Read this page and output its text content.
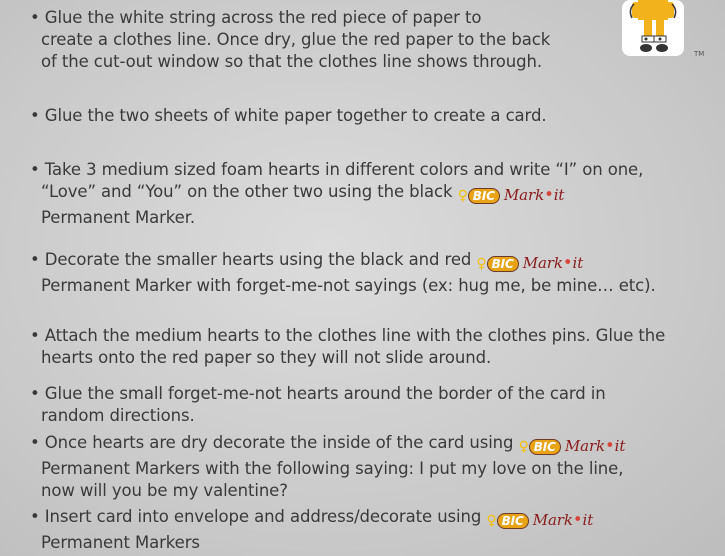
TM
• Glue the white string across the red piece of paper to
create a clothes line. Once dry, glue the red paper to the back
of the cut-out window so that the clothes line shows through.
• Glue the two sheets of white paper together to create a card.
• Take 3 medium sized foam hearts in different colors and write “I” on one,
“Love” and “You” on the other two using the black ♀ BIC Mark•it
Permanent Marker.
• Decorate the smaller hearts using the black and red ♀ BIC Mark•it
Permanent Marker with forget-me-not sayings (ex: hug me, be mine… etc).
• Attach the medium hearts to the clothes line with the clothes pins. Glue the
hearts onto the red paper so they will not slide around.
• Glue the small forget-me-not hearts around the border of the card in
random directions.
• Once hearts are dry decorate the inside of the card using ♀ BIC Mark•it
Permanent Markers with the following saying: I put my love on the line,
now will you be my valentine?
• Insert card into envelope and address/decorate using ♀ BIC Mark•it
Permanent Markers
